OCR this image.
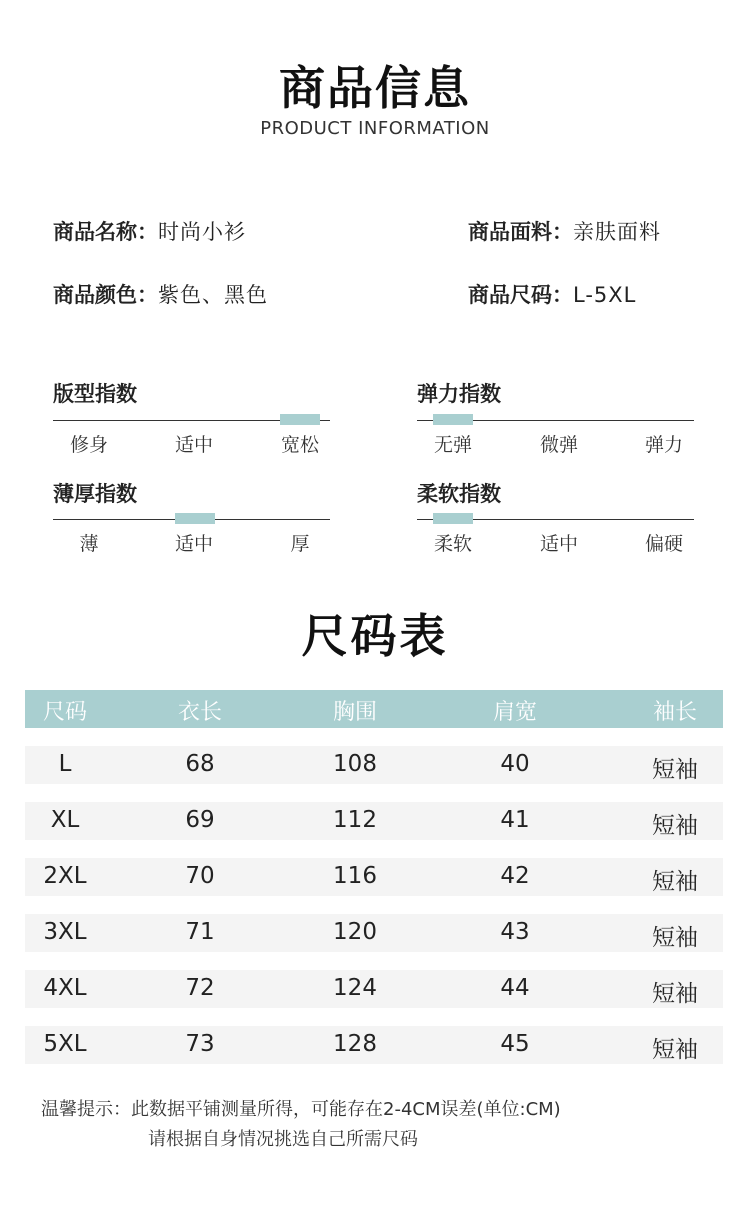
商品信息
PRODUCT INFORMATION
商品名称：时尚小衫	商品面料：亲肤面料
商品颜色：紫色、黑色	商品尺码：L-5XL
版型指数
修身	适中	宽松
弹力指数
无弹	微弹	弹力
薄厚指数
薄	适中	厚
柔软指数
柔软	适中	偏硬
尺码表
尺码	衣长	胸围	肩宽	袖长
L	68	108	40	短袖
XL	69	112	41	短袖
2XL	70	116	42	短袖
3XL	71	120	43	短袖
4XL	72	124	44	短袖
5XL	73	128	45	短袖
温馨提示：此数据平铺测量所得，可能存在2-4CM误差(单位:CM)
请根据自身情况挑选自己所需尺码
